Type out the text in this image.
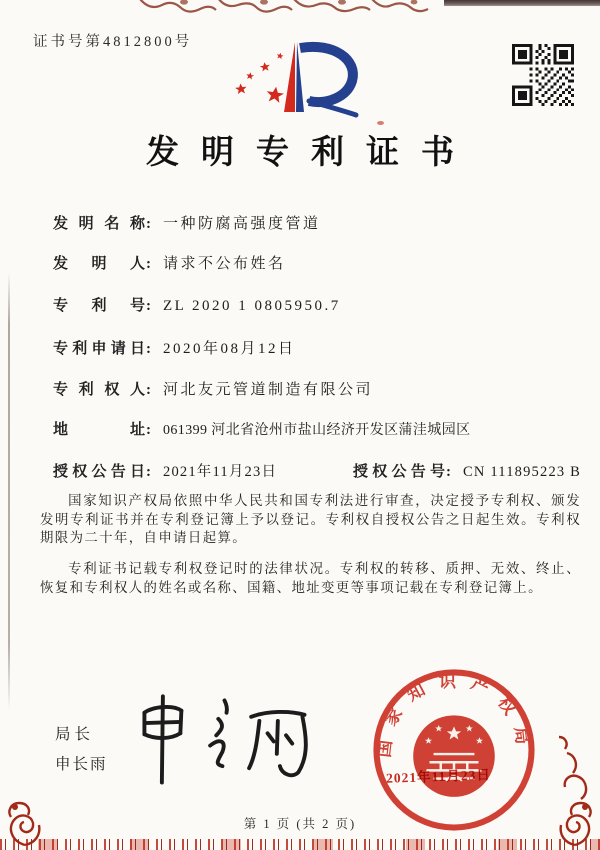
证书号第4812800号
发明专利证书
发明名称: 一种防腐高强度管道
发明人: 请求不公布姓名
专利号: ZL 2020 1 0805950.7
专利申请日: 2020年08月12日
专利权人: 河北友元管道制造有限公司
地址: 061399 河北省沧州市盐山经济开发区蒲洼城园区
授权公告日: 2021年11月23日	授权公告号: CN 111895223 B

国家知识产权局依照中华人民共和国专利法进行审查，决定授予专利权、颁发发明专利证书并在专利登记簿上予以登记。专利权自授权公告之日起生效。专利权期限为二十年，自申请日起算。

专利证书记载专利权登记时的法律状况。专利权的转移、质押、无效、终止、恢复和专利权人的姓名或名称、国籍、地址变更等事项记载在专利登记簿上。

局长
申长雨
国家知识产权局
2021年11月23日
第 1 页 (共 2 页)
